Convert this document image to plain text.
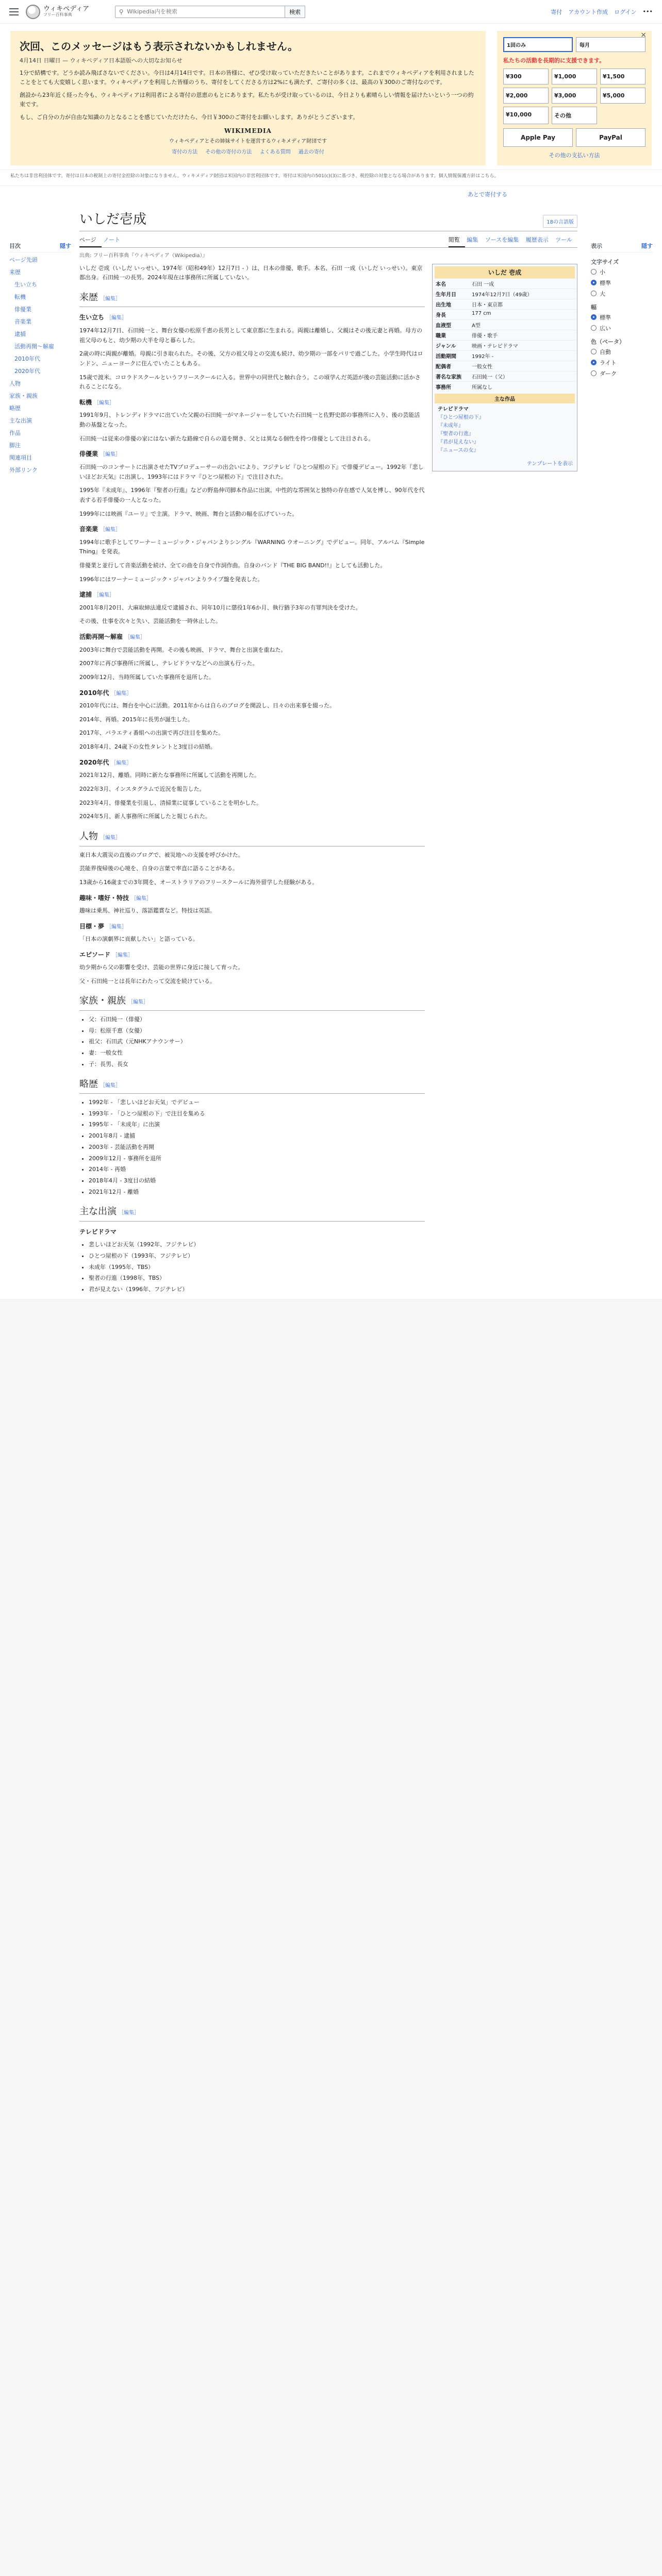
ウィキペディア
フリー百科事典	⚲
Wikipedia内を検索	検索	寄付 アカウント作成 ログイン •••
次回、このメッセージはもう表示されないかもしれません。
4月14日 日曜日 — ウィキペディア日本語版への大切なお知らせ

1分で結構です。どうか読み飛ばさないでください。今日は4月14日です。日本の皆様に、ぜひ受け取っていただきたいことがあります。これまでウィキペディアを利用されましたことをとても大変嬉しく思います。ウィキペディアを利用した皆様のうち、寄付をしてくださる方は2%にも満たず、ご寄付の多くは、最高の￥300のご寄付なのです。

創設から23年近く経った今も、ウィキペディアは利用者による寄付の恩恵のもとにあります。私たちが受け取っているのは、今日よりも素晴らしい情報を届けたいという一つの約束です。

もし、ご自分の力が自由な知識の力となることを感じていただけたら、今日￥300のご寄付をお願いします。ありがとうございます。

WIKIMEDIA
ウィキペディアとその姉妹サイトを運営するウィキメディア財団です
寄付の方法 その他の寄付の方法 よくある質問 過去の寄付
1回のみ	毎月
私たちの活動を長期的に支援できます。
¥300	¥1,000	¥1,500
¥2,000	¥3,000	¥5,000
¥10,000	その他
Apple Pay	PayPal
その他の支払い方法
×
私たちは非営利団体です。寄付は日本の税制上の寄付金控除の対象になりません。ウィキメディア財団は米国内の非営利団体です。寄付は米国内の501(c)(3)に基づき、税控除の対象となる場合があります。個人情報保護方針はこちら。
あとで寄付する
目次	隠す
ページ先頭
来歴
生い立ち
転機
俳優業
音楽業
逮捕
活動再開〜解雇
2010年代
2020年代
人物
家族・親族
略歴
主な出演
作品
脚注
関連項目
外部リンク
いしだ壱成	18の言語版
ページ ノート	閲覧 編集 ソースを編集 履歴表示 ツール
出典: フリー百科事典『ウィキペディア（Wikipedia）』

いしだ 壱成（いしだ いっせい、1974年（昭和49年）12月7日 - ）は、日本の俳優、歌手。本名、石田 一成（いしだ いっせい）。東京都出身。石田純一の長男。2024年現在は事務所に所属していない。

来歴 ［編集］
生い立ち ［編集］

1974年12月7日、石田純一と、舞台女優の松原千恵の長男として東京都に生まれる。両親は離婚し、父親はその後元妻と再婚。母方の祖父母のもと、幼少期の大半を母と暮らした。

2歳の時に両親が離婚。母親に引き取られた。その後、父方の祖父母との交流も続け、幼少期の一部をパリで過ごした。小学生時代はロンドン、ニューヨークに住んでいたこともある。

15歳で渡米。コロラドスクールというフリースクールに入る。世界中の同世代と触れ合う。この頃学んだ英語が後の芸能活動に活かされることになる。

転機 ［編集］

1991年9月、トレンディドラマに出ていた父親の石田純一がマネージャーをしていた石田純一と佐野史郎の事務所に入り、後の芸能活動の基盤となった。

石田純一は従来の俳優の家にはない新たな路線で自らの道を開き、父とは異なる個性を持つ俳優として注目される。

俳優業 ［編集］

石田純一のコンサートに出演させたTVプロデューサーの出会いにより、フジテレビ『ひとつ屋根の下』で俳優デビュー。1992年『悲しいほどお天気』に出演し、1993年にはドラマ『ひとつ屋根の下』で注目された。

1995年『未成年』、1996年『聖者の行進』などの野島伸司脚本作品に出演。中性的な雰囲気と独特の存在感で人気を博し、90年代を代表する若手俳優の一人となった。

1999年には映画『ユーリ』で主演。ドラマ、映画、舞台と活動の幅を広げていった。

音楽業 ［編集］

1994年に歌手としてワーナーミュージック・ジャパンよりシングル『WARNING ウオーニング』でデビュー。同年、アルバム『Simple Thing』を発表。

俳優業と並行して音楽活動を続け、全ての曲を自身で作詞作曲。自身のバンド『THE BIG BAND!!』としても活動した。

1996年にはワーナーミュージック・ジャパンよりライブ盤を発表した。

逮捕 ［編集］

2001年8月20日、大麻取締法違反で逮捕され、同年10月に懲役1年6か月、執行猶予3年の有罪判決を受けた。

その後、仕事を次々と失い、芸能活動を一時休止した。

活動再開〜解雇 ［編集］

2003年に舞台で芸能活動を再開。その後も映画、ドラマ、舞台と出演を重ねた。

2007年に再び事務所に所属し、テレビドラマなどへの出演も行った。

2009年12月、当時所属していた事務所を退所した。

2010年代 ［編集］

2010年代には、舞台を中心に活動。2011年からは自らのブログを開設し、日々の出来事を綴った。

2014年、再婚。2015年に長男が誕生した。

2017年、バラエティ番組への出演で再び注目を集めた。

2018年4月、24歳下の女性タレントと3度目の結婚。

2020年代 ［編集］

2021年12月、離婚。同時に新たな事務所に所属して活動を再開した。

2022年3月、インスタグラムで近況を報告した。

2023年4月、俳優業を引退し、清掃業に従事していることを明かした。

2024年5月、新人事務所に所属したと報じられた。

人物 ［編集］

東日本大震災の直後のブログで、被災地への支援を呼びかけた。

芸能界復帰後の心境を、自身の言葉で率直に語ることがある。

13歳から16歳までの3年間を、オーストラリアのフリースクールに海外留学した経験がある。

趣味・嗜好・特技 ［編集］

趣味は乗馬、神社巡り、落語鑑賞など。特技は英語。

目標・夢 ［編集］

「日本の演劇界に貢献したい」と語っている。

エピソード ［編集］

幼少期から父の影響を受け、芸能の世界に身近に接して育った。

父・石田純一とは長年にわたって交流を続けている。

家族・親族 ［編集］
• 父：石田純一（俳優）
• 母：松原千恵（女優）
• 祖父：石田武（元NHKアナウンサー）
• 妻：一般女性
• 子：長男、長女
略歴 ［編集］
• 1992年 - 「悲しいほどお天気」でデビュー
• 1993年 - 「ひとつ屋根の下」で注目を集める
• 1995年 - 「未成年」に出演
• 2001年8月 - 逮捕
• 2003年 - 芸能活動を再開
• 2009年12月 - 事務所を退所
• 2014年 - 再婚
• 2018年4月 - 3度目の結婚
• 2021年12月 - 離婚
主な出演 ［編集］
テレビドラマ
• 悲しいほどお天気（1992年、フジテレビ）
• ひとつ屋根の下（1993年、フジテレビ）
• 未成年（1995年、TBS）
• 聖者の行進（1998年、TBS）
• 君が見えない（1996年、フジテレビ）
いしだ 壱成
本名	石田 一成
生年月日	1974年12月7日（49歳）
出生地	日本・東京都
身長	177 cm
血液型	A型
職業	俳優・歌手
ジャンル	映画・テレビドラマ
活動期間	1992年 -
配偶者	一般女性
著名な家族	石田純一（父）
事務所	所属なし
主な作品
テレビドラマ
『ひとつ屋根の下』
『未成年』
『聖者の行進』
『君が見えない』
『ニュースの女』
テンプレートを表示
表示	隠す
文字サイズ
小
標準
大
幅
標準
広い
色（ベータ）
自動
ライト
ダーク
